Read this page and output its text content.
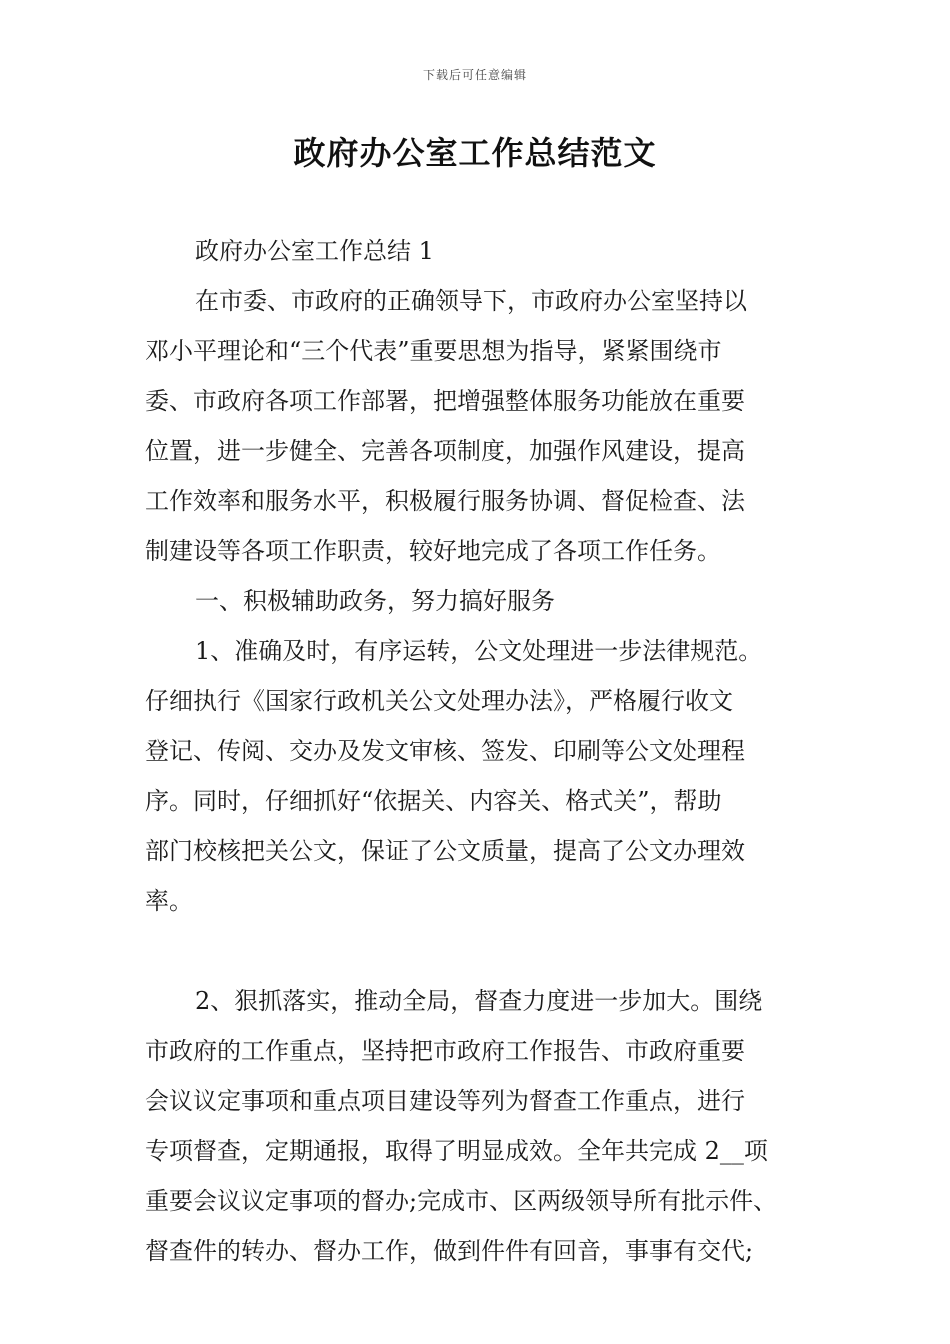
下载后可任意编辑
政府办公室工作总结范文
政府办公室工作总结 1
在市委、市政府的正确领导下，市政府办公室坚持以
邓小平理论和“三个代表”重要思想为指导，紧紧围绕市
委、市政府各项工作部署，把增强整体服务功能放在重要
位置，进一步健全、完善各项制度，加强作风建设，提高
工作效率和服务水平，积极履行服务协调、督促检查、法
制建设等各项工作职责，较好地完成了各项工作任务。
一、积极辅助政务，努力搞好服务
1、准确及时，有序运转，公文处理进一步法律规范。
仔细执行《国家行政机关公文处理办法》，严格履行收文
登记、传阅、交办及发文审核、签发、印刷等公文处理程
序。同时，仔细抓好“依据关、内容关、格式关”，帮助
部门校核把关公文，保证了公文质量，提高了公文办理效
率。
2、狠抓落实，推动全局，督查力度进一步加大。围绕
市政府的工作重点，坚持把市政府工作报告、市政府重要
会议议定事项和重点项目建设等列为督查工作重点，进行
专项督查，定期通报，取得了明显成效。全年共完成 2__项
重要会议议定事项的督办;完成市、区两级领导所有批示件、
督查件的转办、督办工作，做到件件有回音，事事有交代;
